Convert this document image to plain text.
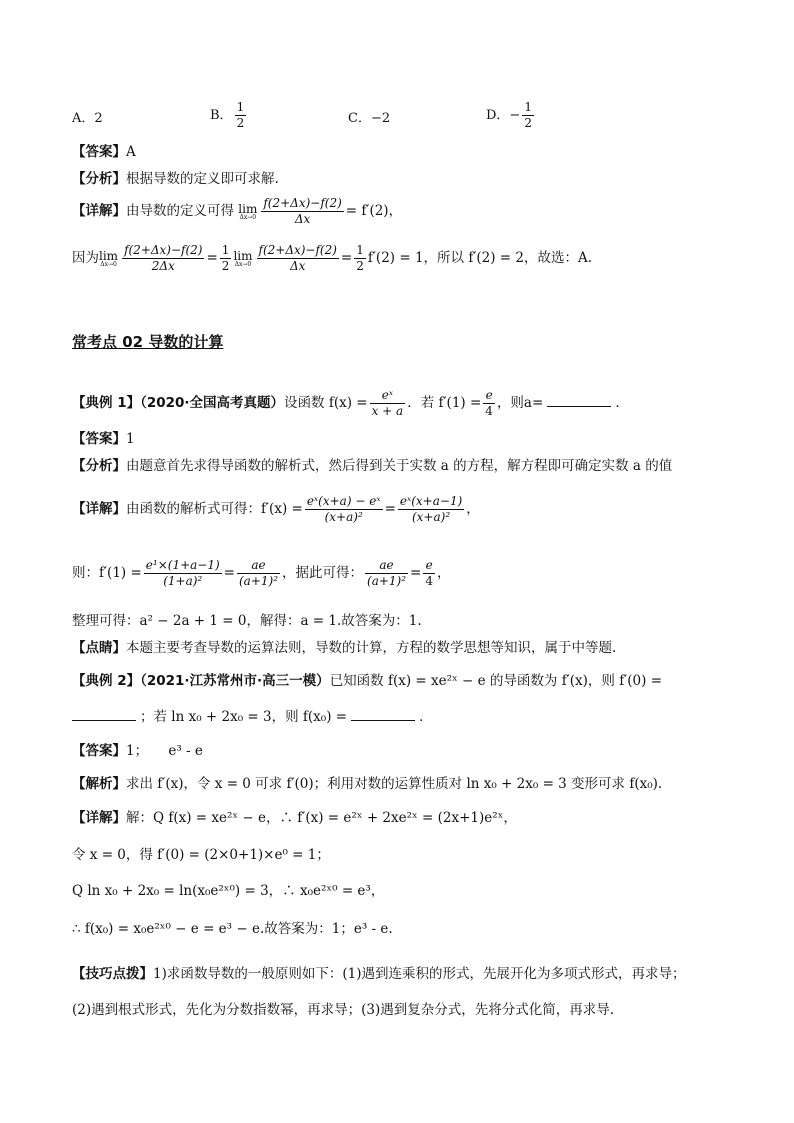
A．2	B． $\frac{1}{2}$	C．−2	D．− $\frac{1}{2}$
【答案】A
【分析】根据导数的定义即可求解.
【详解】由导数的定义可得 lim
$\Delta x\to 0 \frac{f(2+\Delta x)-f(2)}{\Delta x} = f'(2)$，
因为 lim
$\Delta x\to 0 \frac{f(2+\Delta x)-f(2)}{2\Delta x} = \frac{1}{2}$ lim
$\Delta x\to 0 \frac{f(2+\Delta x)-f(2)}{\Delta x} = \frac{1}{2} f'(2) = 1$，所以 f′(2) = 2，故选：A.
常考点 02 导数的计算
【典例 1】（2020·全国高考真题）设函数 $f(x) = \frac{\text{eˣ}}{x + a}$ ．若 $f'(1) = \frac{e}{4}$ ，则a=	．
【答案】1
【分析】由题意首先求得导函数的解析式，然后得到关于实数 a 的方程，解方程即可确定实数 a 的值
【详解】由函数的解析式可得：$f'(x) = \frac{\text{eˣ(x+a) − eˣ}}{\text{(x+a)²}} = \frac{\text{eˣ(x+a−1)}}{\text{(x+a)²}}$ ，
则：$f'(1) = \frac{\text{e¹×(1+a−1)}}{\text{(1+a)²}} = \frac{ae}{\text{(a+1)²}}$ ，据此可得： $\frac{ae}{\text{(a+1)²}} = \frac{e}{4}$ ，
整理可得：a² − 2a + 1 = 0，解得：a = 1.故答案为：1.
【点睛】本题主要考查导数的运算法则，导数的计算，方程的数学思想等知识，属于中等题.
【典例 2】（2021·江苏常州市·高三一模）已知函数 f(x) = xe²ˣ − e 的导函数为 f′(x)，则 f′(0) =
；若 ln x₀ + 2x₀ = 3，则 f(x₀) =	．
【答案】1；　　e³ - e
【解析】求出 f′(x)，令 x = 0 可求 f′(0)；利用对数的运算性质对 ln x₀ + 2x₀ = 3 变形可求 f(x₀).
【详解】解：Q f(x) = xe²ˣ − e，∴ f′(x) = e²ˣ + 2xe²ˣ = (2x+1)e²ˣ，
令 x = 0，得 f′(0) = (2×0+1)×e⁰ = 1；
Q ln x₀ + 2x₀ = ln(x₀e²ˣ⁰) = 3，∴ x₀e²ˣ⁰ = e³，
∴ f(x₀) = x₀e²ˣ⁰ − e = e³ − e.故答案为：1；e³ - e.
【技巧点拨】1)求函数导数的一般原则如下：(1)遇到连乘积的形式，先展开化为多项式形式，再求导；
(2)遇到根式形式，先化为分数指数幂，再求导；(3)遇到复杂分式，先将分式化简，再求导.
